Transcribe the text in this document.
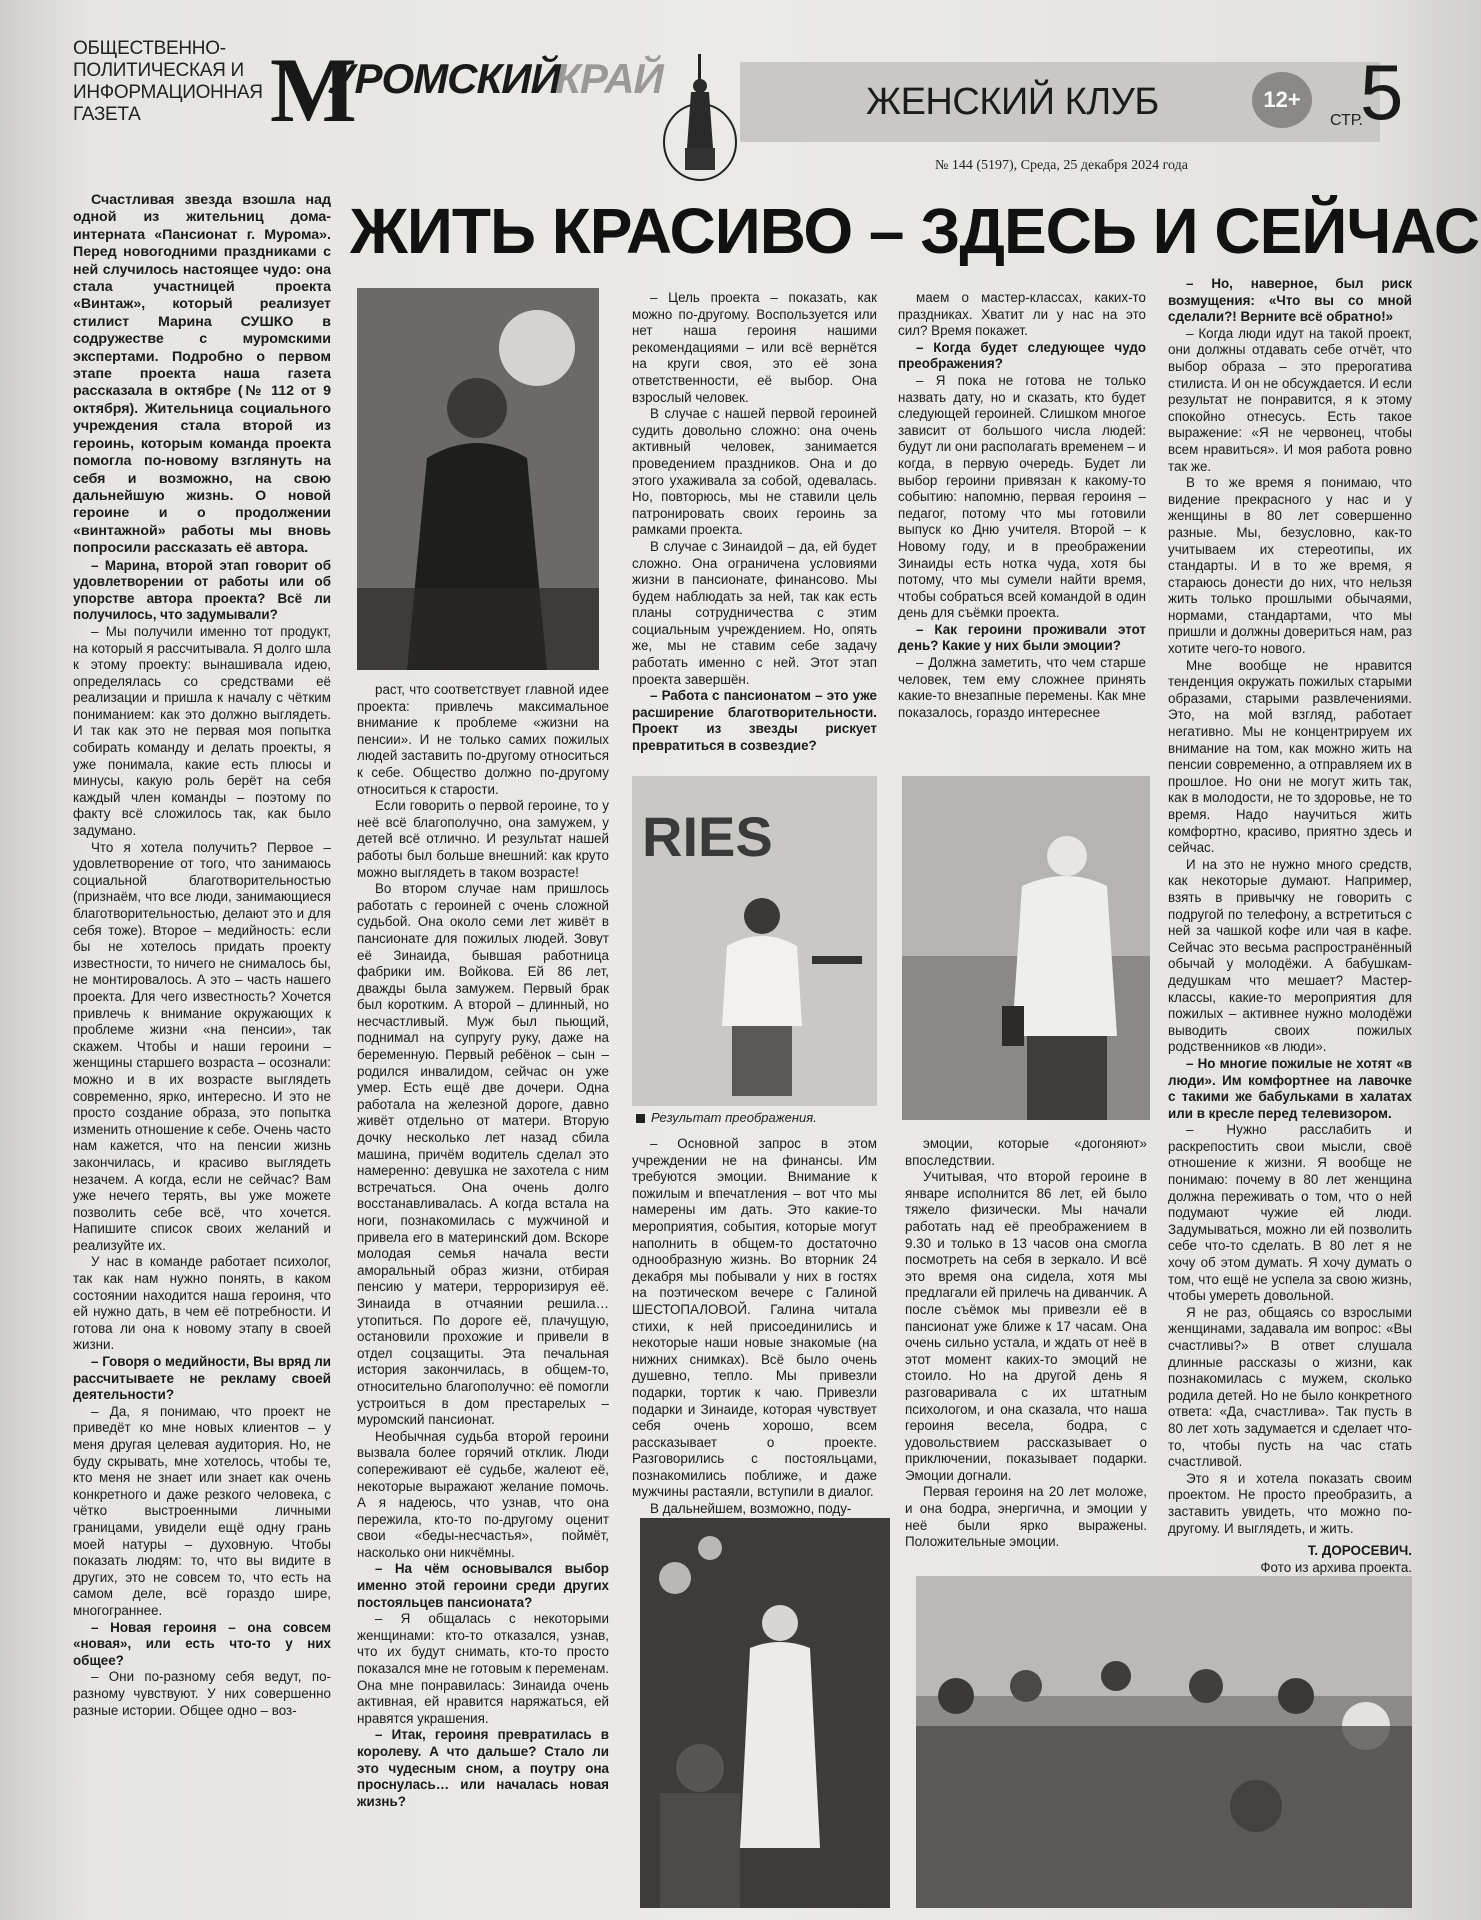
ОБЩЕСТВЕННО-
ПОЛИТИЧЕСКАЯ И
ИНФОРМАЦИОННАЯ
ГАЗЕТА	М
УРОМСКИЙ
КРАЙ	ЖЕНСКИЙ КЛУБ	12+
СТР.
5
№ 144 (5197), Среда, 25 декабря 2024 года
ЖИТЬ КРАСИВО – ЗДЕСЬ И СЕЙЧАС

Счастливая звезда взошла над одной из жительниц дома-интерната «Пансионат г. Мурома». Перед новогодними праздниками с ней случилось настоящее чудо: она стала участницей проекта «Винтаж», который реализует стилист Марина СУШКО в содружестве с муромскими экспертами. Подробно о первом этапе проекта наша газета рассказала в октябре (№ 112 от 9 октября). Жительница социального учреждения стала второй из героинь, которым команда проекта помогла по-новому взглянуть на себя и возможно, на свою дальнейшую жизнь. О новой героине и о продолжении «винтажной» работы мы вновь попросили рассказать её автора.

– Марина, второй этап говорит об удовлетворении от работы или об упорстве автора проекта? Всё ли получилось, что задумывали?

– Мы получили именно тот продукт, на который я рассчитывала. Я долго шла к этому проекту: вынашивала идею, определялась со средствами её реализации и пришла к началу с чётким пониманием: как это должно выглядеть. И так как это не первая моя попытка собирать команду и делать проекты, я уже понимала, какие есть плюсы и минусы, какую роль берёт на себя каждый член команды – поэтому по факту всё сложилось так, как было задумано.

Что я хотела получить? Первое – удовлетворение от того, что занимаюсь социальной благотворительностью (признаём, что все люди, занимающиеся благотворительностью, делают это и для себя тоже). Второе – медийность: если бы не хотелось придать проекту известности, то ничего не снималось бы, не монтировалось. А это – часть нашего проекта. Для чего известность? Хочется привлечь к внимание окружающих к проблеме жизни «на пенсии», так скажем. Чтобы и наши героини – женщины старшего возраста – осознали: можно и в их возрасте выглядеть современно, ярко, интересно. И это не просто создание образа, это попытка изменить отношение к себе. Очень часто нам кажется, что на пенсии жизнь закончилась, и красиво выглядеть незачем. А когда, если не сейчас? Вам уже нечего терять, вы уже можете позволить себе всё, что хочется. Напишите список своих желаний и реализуйте их.

У нас в команде работает психолог, так как нам нужно понять, в каком состоянии находится наша героиня, что ей нужно дать, в чем её потребности. И готова ли она к новому этапу в своей жизни.

– Говоря о медийности, Вы вряд ли рассчитываете не рекламу своей деятельности?

– Да, я понимаю, что проект не приведёт ко мне новых клиентов – у меня другая целевая аудитория. Но, не буду скрывать, мне хотелось, чтобы те, кто меня не знает или знает как очень конкретного и даже резкого человека, с чётко выстроенными личными границами, увидели ещё одну грань моей натуры – духовную. Чтобы показать людям: то, что вы видите в других, это не совсем то, что есть на самом деле, всё гораздо шире, многограннее.

– Новая героиня – она совсем «новая», или есть что-то у них общее?

– Они по-разному себя ведут, по-разному чувствуют. У них совершенно разные истории. Общее одно – воз-

раст, что соответствует главной идее проекта: привлечь максимальное внимание к проблеме «жизни на пенсии». И не только самих пожилых людей заставить по-другому относиться к себе. Общество должно по-другому относиться к старости.

Если говорить о первой героине, то у неё всё благополучно, она замужем, у детей всё отлично. И результат нашей работы был больше внешний: как круто можно выглядеть в таком возрасте!

Во втором случае нам пришлось работать с героиней с очень сложной судьбой. Она около семи лет живёт в пансионате для пожилых людей. Зовут её Зинаида, бывшая работница фабрики им. Войкова. Ей 86 лет, дважды была замужем. Первый брак был коротким. А второй – длинный, но несчастливый. Муж был пьющий, поднимал на супругу руку, даже на беременную. Первый ребёнок – сын – родился инвалидом, сейчас он уже умер. Есть ещё две дочери. Одна работала на железной дороге, давно живёт отдельно от матери. Вторую дочку несколько лет назад сбила машина, причём водитель сделал это намеренно: девушка не захотела с ним встречаться. Она очень долго восстанавливалась. А когда встала на ноги, познакомилась с мужчиной и привела его в материнский дом. Вскоре молодая семья начала вести аморальный образ жизни, отбирая пенсию у матери, терроризируя её. Зинаида в отчаянии решила… утопиться. По дороге её, плачущую, остановили прохожие и привели в отдел соцзащиты. Эта печальная история закончилась, в общем-то, относительно благополучно: её помогли устроиться в дом престарелых – муромский пансионат.

Необычная судьба второй героини вызвала более горячий отклик. Люди сопереживают её судьбе, жалеют её, некоторые выражают желание помочь. А я надеюсь, что узнав, что она пережила, кто-то по-другому оценит свои «беды-несчастья», поймёт, насколько они никчёмны.

– На чём основывался выбор именно этой героини среди других постояльцев пансионата?

– Я общалась с некоторыми женщинами: кто-то отказался, узнав, что их будут снимать, кто-то просто показался мне не готовым к переменам. Она мне понравилась: Зинаида очень активная, ей нравится наряжаться, ей нравятся украшения.

– Итак, героиня превратилась в королеву. А что дальше? Стало ли это чудесным сном, а поутру она проснулась… или началась новая жизнь?

– Цель проекта – показать, как можно по-другому. Воспользуется или нет наша героиня нашими рекомендациями – или всё вернётся на круги своя, это её зона ответственности, её выбор. Она взрослый человек.

В случае с нашей первой героиней судить довольно сложно: она очень активный человек, занимается проведением праздников. Она и до этого ухаживала за собой, одевалась. Но, повторюсь, мы не ставили цель патронировать своих героинь за рамками проекта.

В случае с Зинаидой – да, ей будет сложно. Она ограничена условиями жизни в пансионате, финансово. Мы будем наблюдать за ней, так как есть планы сотрудничества с этим социальным учреждением. Но, опять же, мы не ставим себе задачу работать именно с ней. Этот этап проекта завершён.

– Работа с пансионатом – это уже расширение благотворительности. Проект из звезды рискует превратиться в созвездие?

– Основной запрос в этом учреждении не на финансы. Им требуются эмоции. Внимание к пожилым и впечатления – вот что мы намерены им дать. Это какие-то мероприятия, события, которые могут наполнить в общем-то достаточно однообразную жизнь. Во вторник 24 декабря мы побывали у них в гостях на поэтическом вечере с Галиной ШЕСТОПАЛОВОЙ. Галина читала стихи, к ней присоединились и некоторые наши новые знакомые (на нижних снимках). Всё было очень душевно, тепло. Мы привезли подарки, тортик к чаю. Привезли подарки и Зинаиде, которая чувствует себя очень хорошо, всем рассказывает о проекте. Разговорились с постояльцами, познакомились поближе, и даже мужчины растаяли, вступили в диалог.

В дальнейшем, возможно, поду-

маем о мастер-классах, каких-то праздниках. Хватит ли у нас на это сил? Время покажет.

– Когда будет следующее чудо преображения?

– Я пока не готова не только назвать дату, но и сказать, кто будет следующей героиней. Слишком многое зависит от большого числа людей: будут ли они располагать временем – и когда, в первую очередь. Будет ли выбор героини привязан к какому-то событию: напомню, первая героиня – педагог, потому что мы готовили выпуск ко Дню учителя. Второй – к Новому году, и в преображении Зинаиды есть нотка чуда, хотя бы потому, что мы сумели найти время, чтобы собраться всей командой в один день для съёмки проекта.

– Как героини проживали этот день? Какие у них были эмоции?

– Должна заметить, что чем старше человек, тем ему сложнее принять какие-то внезапные перемены. Как мне показалось, гораздо интереснее

эмоции, которые «догоняют» впоследствии.

Учитывая, что второй героине в январе исполнится 86 лет, ей было тяжело физически. Мы начали работать над её преображением в 9.30 и только в 13 часов она смогла посмотреть на себя в зеркало. И всё это время она сидела, хотя мы предлагали ей прилечь на диванчик. А после съёмок мы привезли её в пансионат уже ближе к 17 часам. Она очень сильно устала, и ждать от неё в этот момент каких-то эмоций не стоило. Но на другой день я разговаривала с их штатным психологом, и она сказала, что наша героиня весела, бодра, с удовольствием рассказывает о приключении, показывает подарки. Эмоции догнали.

Первая героиня на 20 лет моложе, и она бодра, энергична, и эмоции у неё были ярко выражены. Положительные эмоции.

– Но, наверное, был риск возмущения: «Что вы со мной сделали?! Верните всё обратно!»

– Когда люди идут на такой проект, они должны отдавать себе отчёт, что выбор образа – это прерогатива стилиста. И он не обсуждается. И если результат не понравится, я к этому спокойно отнесусь. Есть такое выражение: «Я не червонец, чтобы всем нравиться». И моя работа ровно так же.

В то же время я понимаю, что видение прекрасного у нас и у женщины в 80 лет совершенно разные. Мы, безусловно, как-то учитываем их стереотипы, их стандарты. И в то же время, я стараюсь донести до них, что нельзя жить только прошлыми обычаями, нормами, стандартами, что мы пришли и должны довериться нам, раз хотите чего-то нового.

Мне вообще не нравится тенденция окружать пожилых старыми образами, старыми развлечениями. Это, на мой взгляд, работает негативно. Мы не концентрируем их внимание на том, как можно жить на пенсии современно, а отправляем их в прошлое. Но они не могут жить так, как в молодости, не то здоровье, не то время. Надо научиться жить комфортно, красиво, приятно здесь и сейчас.

И на это не нужно много средств, как некоторые думают. Например, взять в привычку не говорить с подругой по телефону, а встретиться с ней за чашкой кофе или чая в кафе. Сейчас это весьма распространённый обычай у молодёжи. А бабушкам-дедушкам что мешает? Мастер-классы, какие-то мероприятия для пожилых – активнее нужно молодёжи выводить своих пожилых родственников «в люди».

– Но многие пожилые не хотят «в люди». Им комфортнее на лавочке с такими же бабульками в халатах или в кресле перед телевизором.

– Нужно расслабить и раскрепостить свои мысли, своё отношение к жизни. Я вообще не понимаю: почему в 80 лет женщина должна переживать о том, что о ней подумают чужие ей люди. Задумываться, можно ли ей позволить себе что-то сделать. В 80 лет я не хочу об этом думать. Я хочу думать о том, что ещё не успела за свою жизнь, чтобы умереть довольной.

Я не раз, общаясь со взрослыми женщинами, задавала им вопрос: «Вы счастливы?» В ответ слушала длинные рассказы о жизни, как познакомилась с мужем, сколько родила детей. Но не было конкретного ответа: «Да, счастлива». Так пусть в 80 лет хоть задумается и сделает что-то, чтобы пусть на час стать счастливой.

Это я и хотела показать своим проектом. Не просто преобразить, а заставить увидеть, что можно по-другому. И выглядеть, и жить.

Т. ДОРОСЕВИЧ.

Фото из архива проекта.

RIES
Результат преображения.
